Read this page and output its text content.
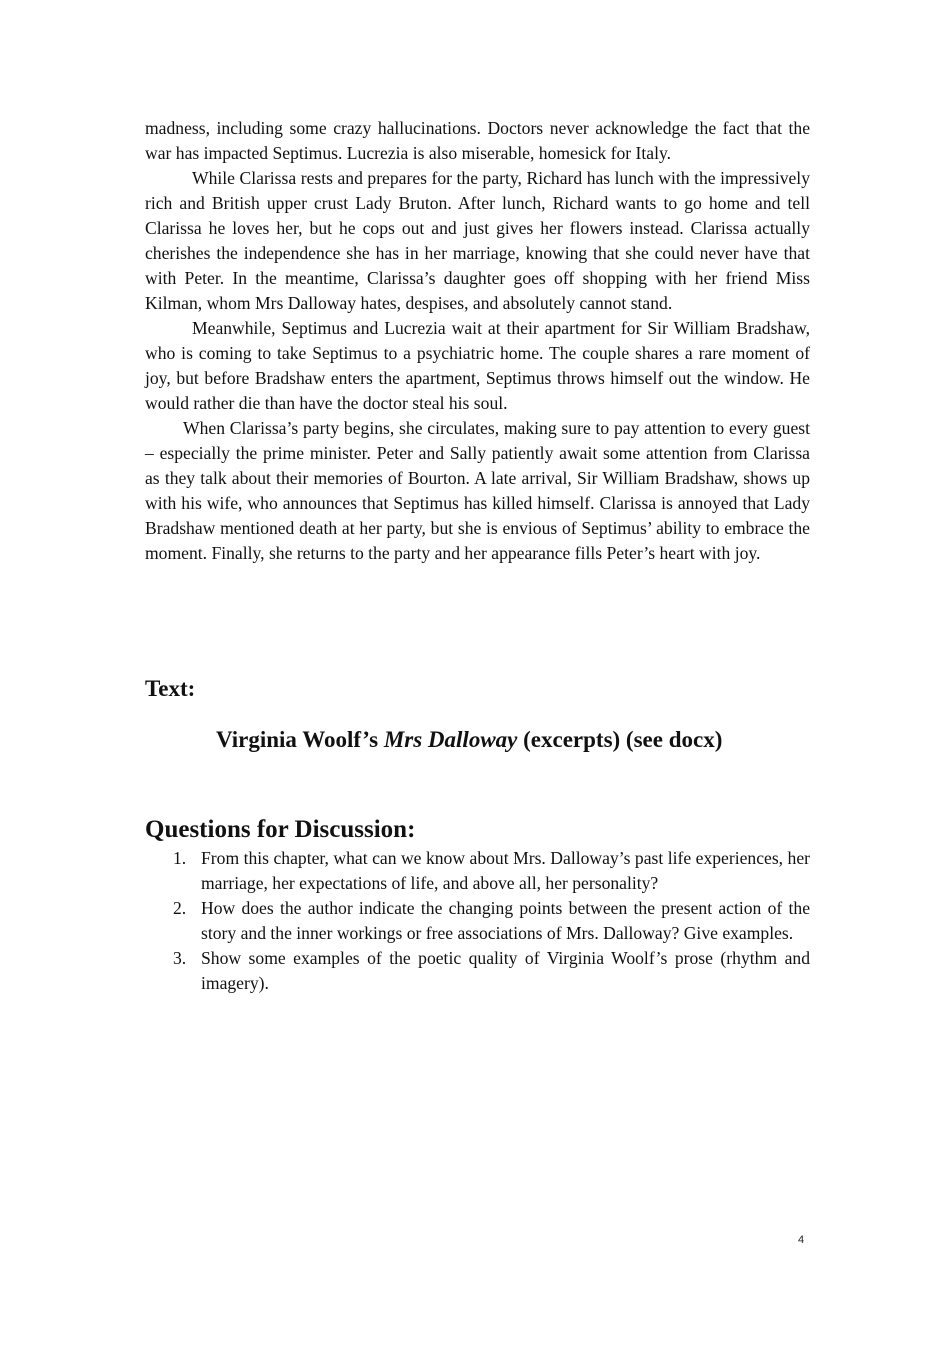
madness, including some crazy hallucinations. Doctors never acknowledge the fact that the war has impacted Septimus. Lucrezia is also miserable, homesick for Italy.

While Clarissa rests and prepares for the party, Richard has lunch with the impressively rich and British upper crust Lady Bruton. After lunch, Richard wants to go home and tell Clarissa he loves her, but he cops out and just gives her flowers instead. Clarissa actually cherishes the independence she has in her marriage, knowing that she could never have that with Peter. In the meantime, Clarissa’s daughter goes off shopping with her friend Miss Kilman, whom Mrs Dalloway hates, despises, and absolutely cannot stand.

Meanwhile, Septimus and Lucrezia wait at their apartment for Sir William Bradshaw, who is coming to take Septimus to a psychiatric home. The couple shares a rare moment of joy, but before Bradshaw enters the apartment, Septimus throws himself out the window. He would rather die than have the doctor steal his soul.

When Clarissa’s party begins, she circulates, making sure to pay attention to every guest – especially the prime minister. Peter and Sally patiently await some attention from Clarissa as they talk about their memories of Bourton. A late arrival, Sir William Bradshaw, shows up with his wife, who announces that Septimus has killed himself. Clarissa is annoyed that Lady Bradshaw mentioned death at her party, but she is envious of Septimus’ ability to embrace the moment. Finally, she returns to the party and her appearance fills Peter’s heart with joy.

Text:
Virginia Woolf’s Mrs Dalloway (excerpts) (see docx)
Questions for Discussion:
1. From this chapter, what can we know about Mrs. Dalloway’s past life experiences, her marriage, her expectations of life, and above all, her personality?
2. How does the author indicate the changing points between the present action of the story and the inner workings or free associations of Mrs. Dalloway? Give examples.
3. Show some examples of the poetic quality of Virginia Woolf’s prose (rhythm and imagery).
4
